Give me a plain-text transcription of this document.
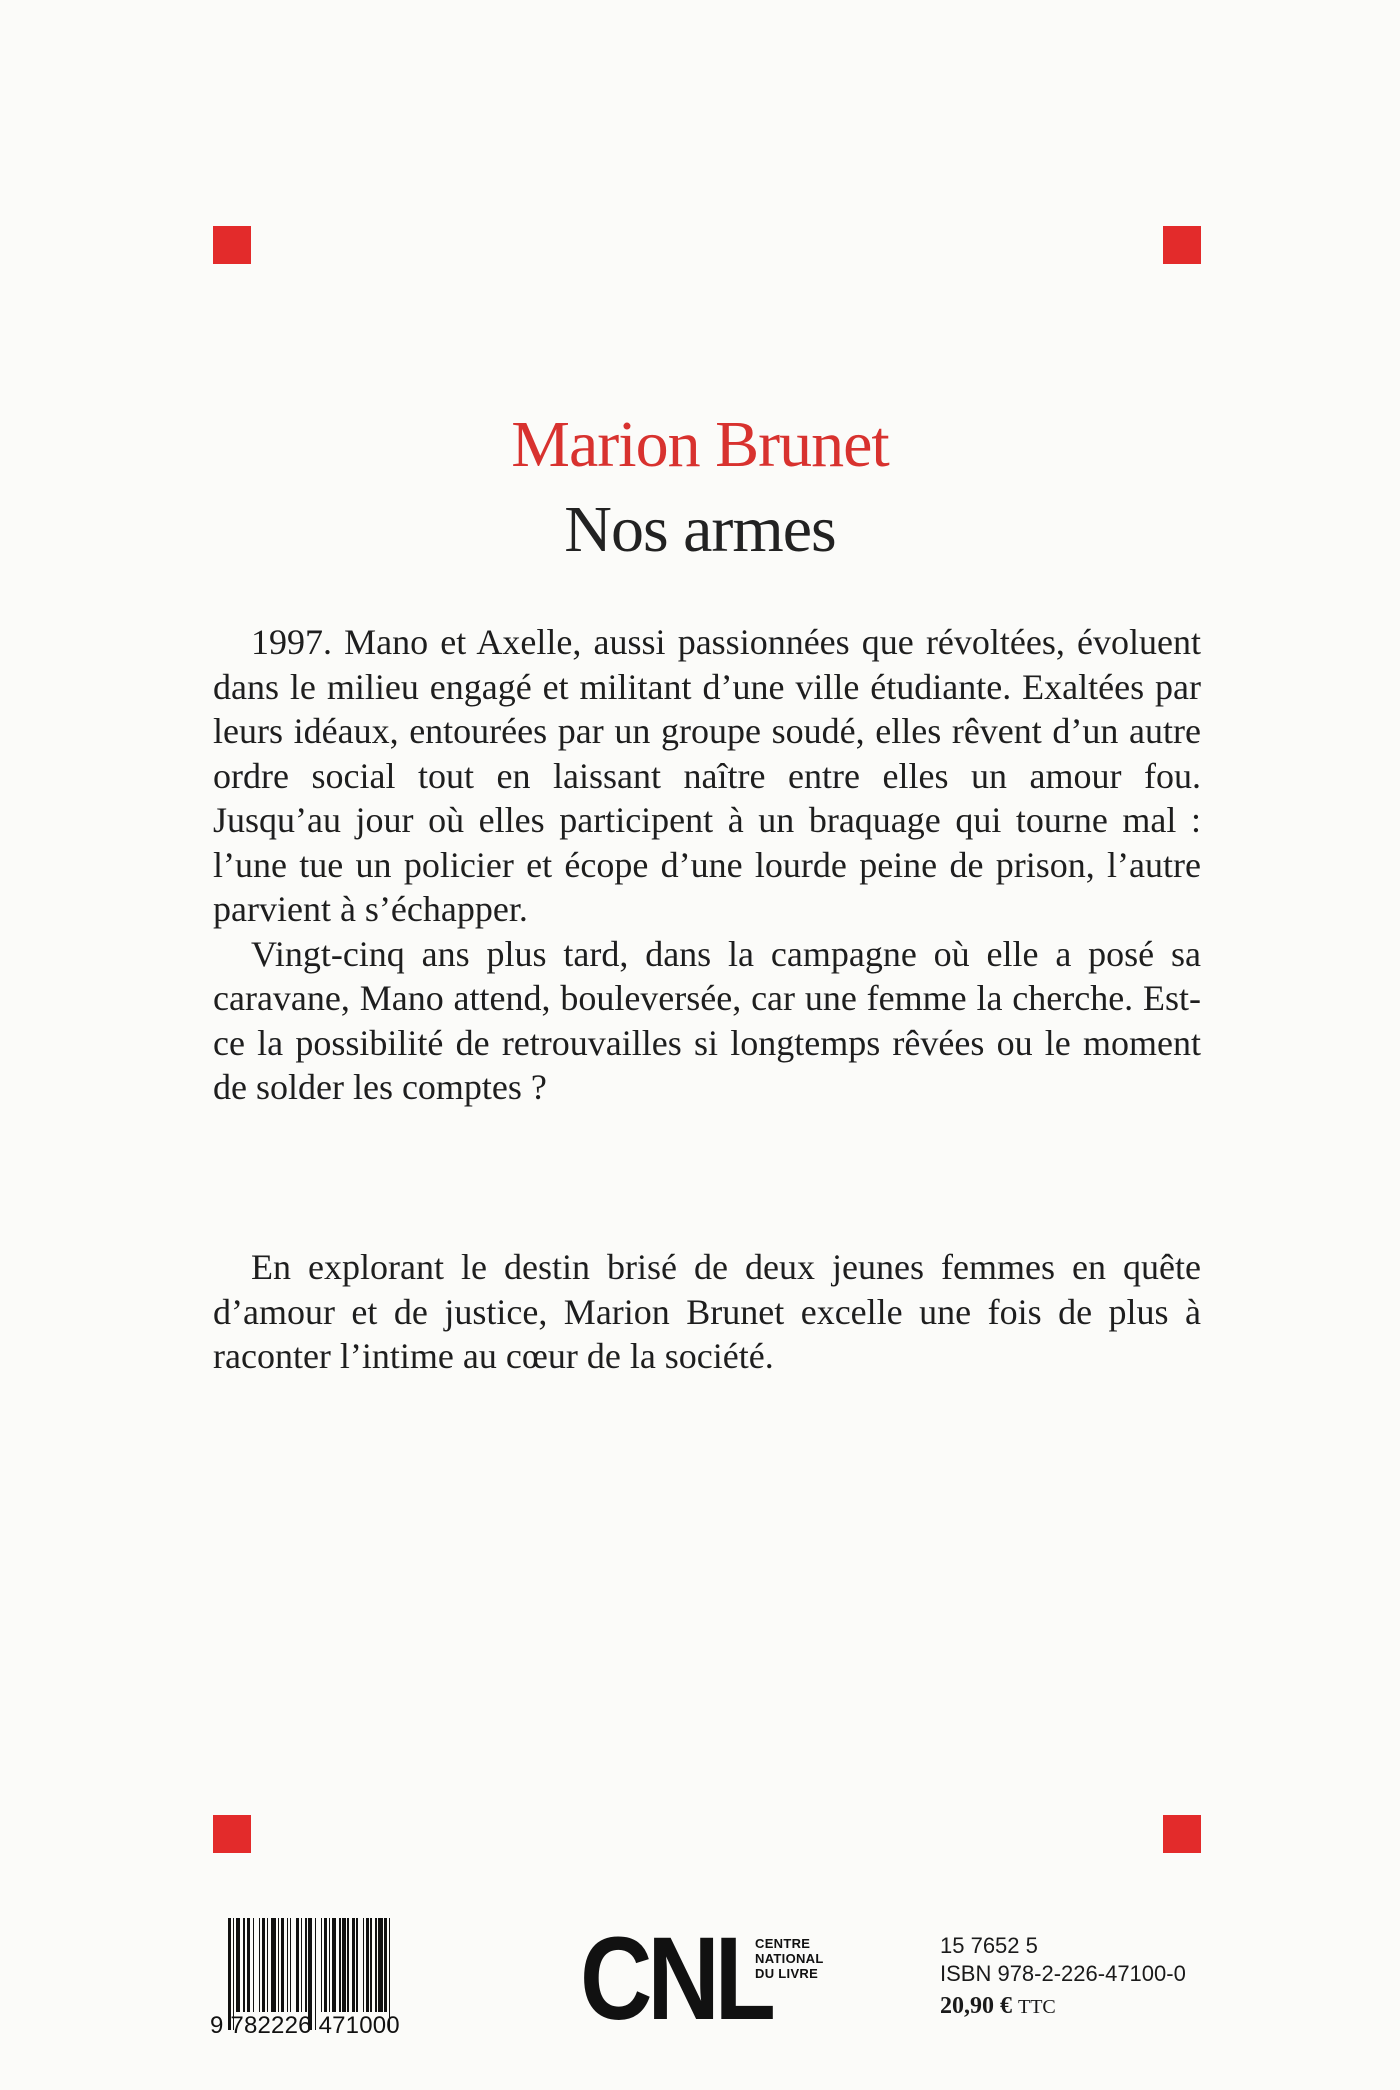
Marion Brunet
Nos armes

1997. Mano et Axelle, aussi passionnées que révoltées, évoluent dans le milieu engagé et militant d’une ville étudiante. Exaltées par leurs idéaux, entourées par un groupe soudé, elles rêvent d’un autre ordre social tout en laissant naître entre elles un amour fou. Jusqu’au jour où elles participent à un braquage qui tourne mal : l’une tue un policier et écope d’une lourde peine de prison, l’autre parvient à s’échapper.

Vingt-cinq ans plus tard, dans la campagne où elle a posé sa caravane, Mano attend, bouleversée, car une femme la cherche. Est-ce la possibilité de retrouvailles si longtemps rêvées ou le moment de solder les comptes ?

En explorant le destin brisé de deux jeunes femmes en quête d’amour et de justice, Marion Brunet excelle une fois de plus à raconter l’intime au cœur de la société.

9 782226 471000	CNL
CENTRE
NATIONAL
DU LIVRE
15 7652 5
ISBN 978-2-226-47100-0
20,90 € TTC
